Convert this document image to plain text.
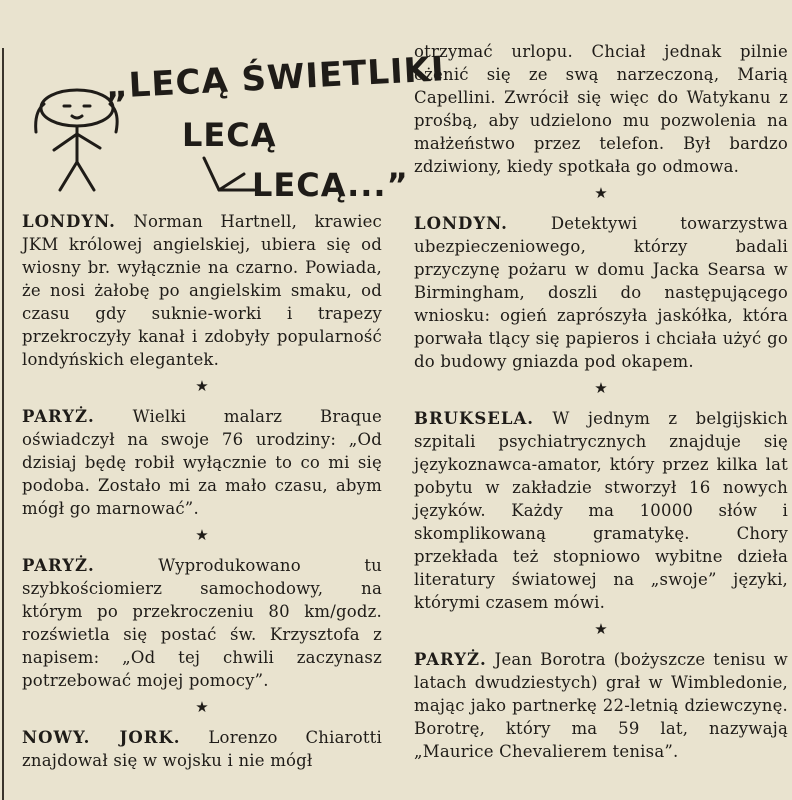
„LECĄ ŚWIETLIKI
LECĄ
LECĄ...”

LONDYN. Norman Hartnell, krawiec JKM królowej angielskiej, ubiera się od wiosny br. wyłącznie na czarno. Powiada, że nosi żałobę po angielskim smaku, od czasu gdy suknie-worki i trapezy przekroczyły kanał i zdobyły popularność londyńskich elegantek.

★

PARYŻ. Wielki malarz Braque oświadczył na swoje 76 urodziny: „Od dzisiaj będę robił wyłącznie to co mi się podoba. Zostało mi za mało czasu, abym mógł go marnować”.

★

PARYŻ. Wyprodukowano tu szybkościomierz samochodowy, na którym po przekroczeniu 80 km/godz. rozświetla się postać św. Krzysztofa z napisem: „Od tej chwili zaczynasz potrzebować mojej pomocy”.

★

NOWY. JORK. Lorenzo Chiarotti znajdował się w wojsku i nie mógł

otrzymać urlopu. Chciał jednak pilnie ożenić się ze swą narzeczoną, Marią Capellini. Zwrócił się więc do Watykanu z prośbą, aby udzielono mu pozwolenia na małżeństwo przez telefon. Był bardzo zdziwiony, kiedy spotkała go odmowa.

★

LONDYN. Detektywi towarzystwa ubezpieczeniowego, którzy badali przyczynę pożaru w domu Jacka Searsa w Birmingham, doszli do następującego wniosku: ogień zaprószyła jaskółka, która porwała tlący się papieros i chciała użyć go do budowy gniazda pod okapem.

★

BRUKSELA. W jednym z belgijskich szpitali psychiatrycznych znajduje się językoznawca-amator, który przez kilka lat pobytu w zakładzie stworzył 16 nowych języków. Każdy ma 10000 słów i skomplikowaną gramatykę. Chory przekłada też stopniowo wybitne dzieła literatury światowej na „swoje” języki, którymi czasem mówi.

★

PARYŻ. Jean Borotra (bożyszcze tenisu w latach dwudziestych) grał w Wimbledonie, mając jako partnerkę 22-letnią dziewczynę. Borotrę, który ma 59 lat, nazywają „Maurice Chevalierem tenisa”.
